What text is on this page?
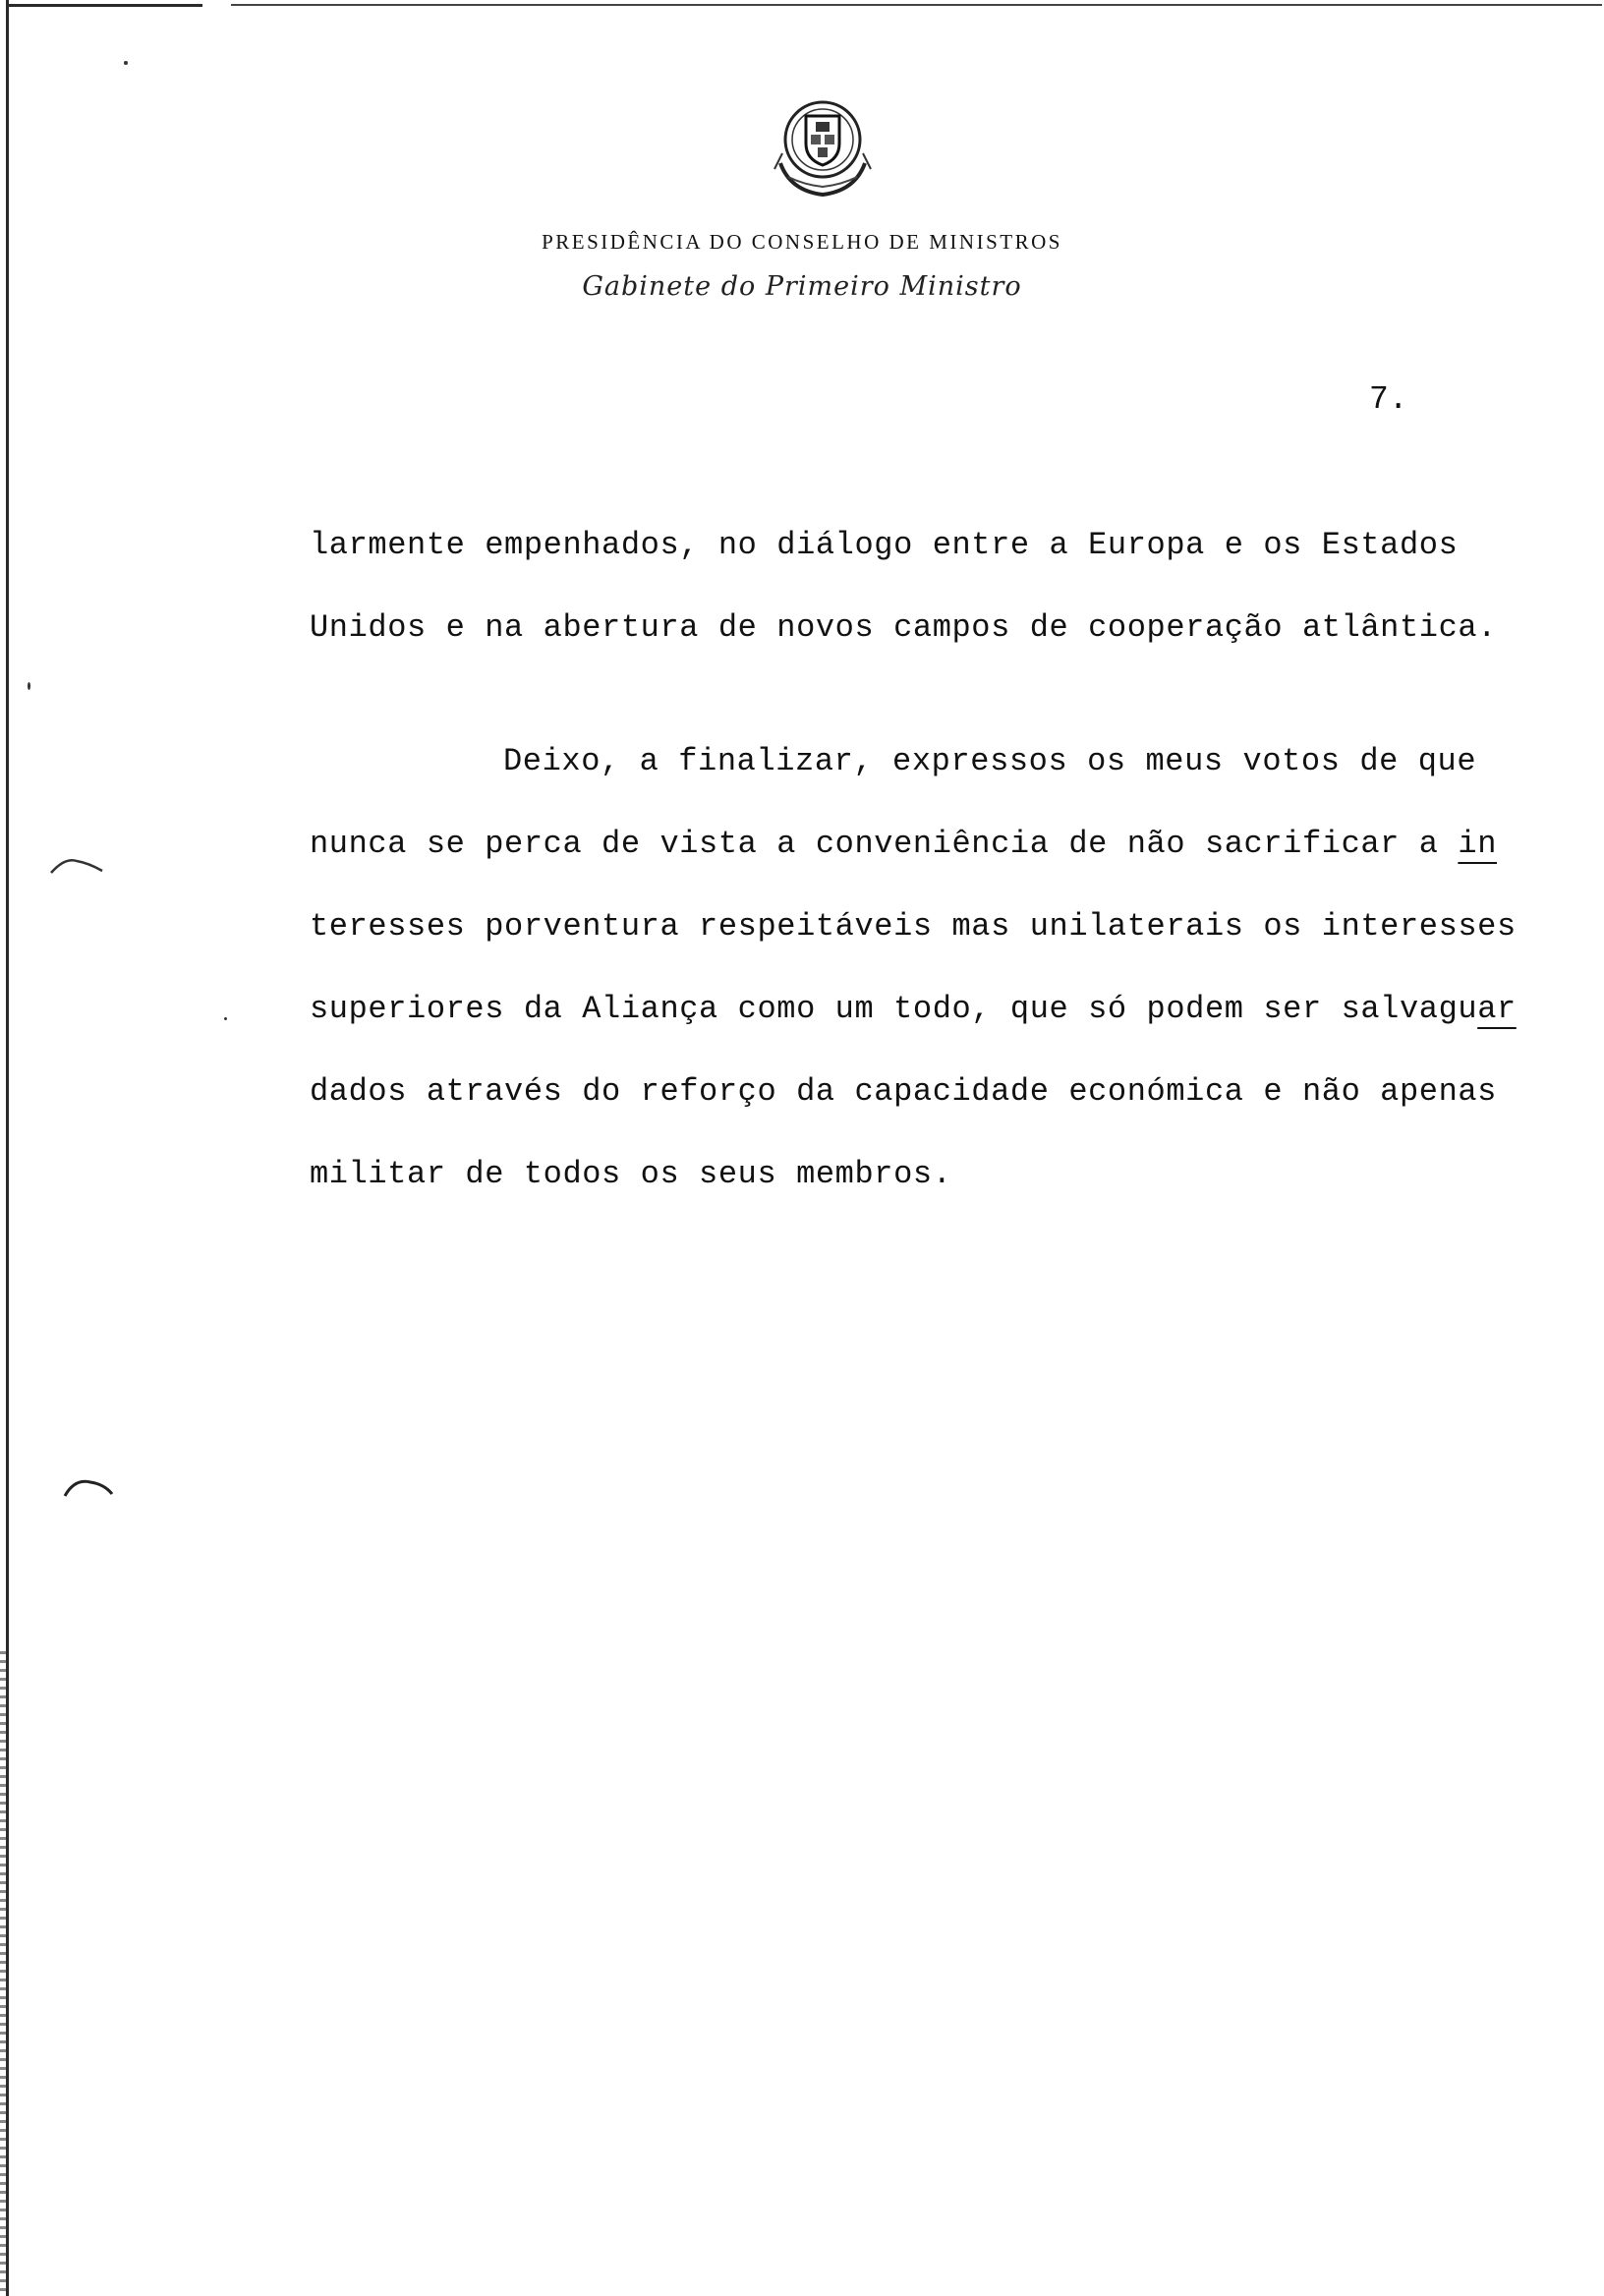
PRESIDÊNCIA DO CONSELHO DE MINISTROS
Gabinete do Primeiro Ministro
7.
larmente empenhados, no diálogo entre a Europa e os Estados
Unidos e na abertura de novos campos de cooperação atlântica.
Deixo, a finalizar, expressos os meus votos de que
nunca se perca de vista a conveniência de não sacrificar a in
teresses porventura respeitáveis mas unilaterais os interesses
superiores da Aliança como um todo, que só podem ser salvaguar
dados através do reforço da capacidade económica e não apenas
militar de todos os seus membros.
